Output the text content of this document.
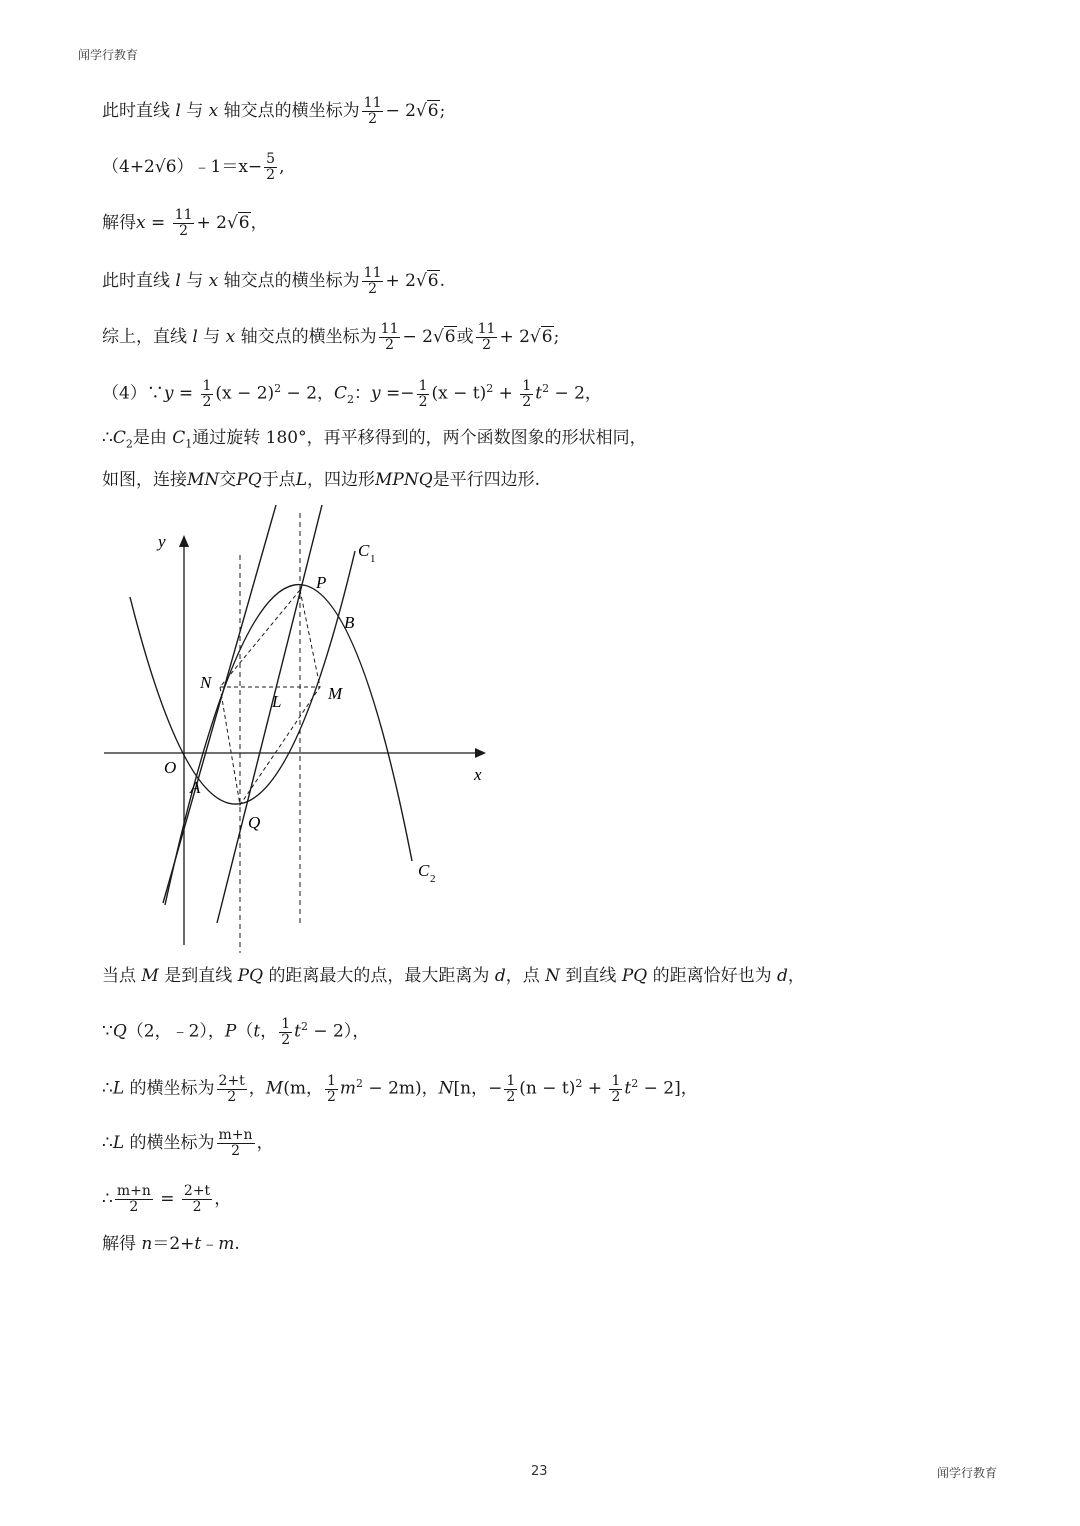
闻学行教育
此时直线 l 与 x 轴交点的横坐标为 $\frac{11}{2} - 2√6$;
（4+2√6）﹣1＝x− $\frac{5}{2}$ ,
解得$x = \frac{11}{2} + 2√6$，
此时直线 l 与 x 轴交点的横坐标为 $\frac{11}{2} + 2√6$.
综上，直线 l 与 x 轴交点的横坐标为 $\frac{11}{2} - 2√6$或 $\frac{11}{2} + 2√6$;
（4）∵y = $\frac{1}{2} (x - 2)^2 - 2$，$C_2$：$y =- \frac{1}{2} (x - t)^2 + \frac{1}{2} t^2 - 2$，
$\therefore C_2$是由 $C_1$通过旋转 180°，再平移得到的，两个函数图象的形状相同，
如图，连接MN交PQ于点L，四边形MPNQ是平行四边形.
y
x
O
A
Q
P
B
N
M
L
C 1
C 2
当点 M 是到直线 PQ 的距离最大的点，最大距离为 d，点 N 到直线 PQ 的距离恰好也为 d，
∵Q（2，﹣2），P（t， $\frac{1}{2} t^2 - 2$），
∴L 的横坐标为 $\frac{2+t}{2}$ ，M(m， $\frac{1}{2} m^2 - 2m$)，N[n，− $\frac{1}{2} (n - t)^2 + \frac{1}{2} t^2 - 2$]，
∴L 的横坐标为 $\frac{m+n}{2}$ ，
∴ $\frac{m+n}{2} = \frac{2+t}{2}$ ，
解得 n＝2+t﹣m.
23	闻学行教育
